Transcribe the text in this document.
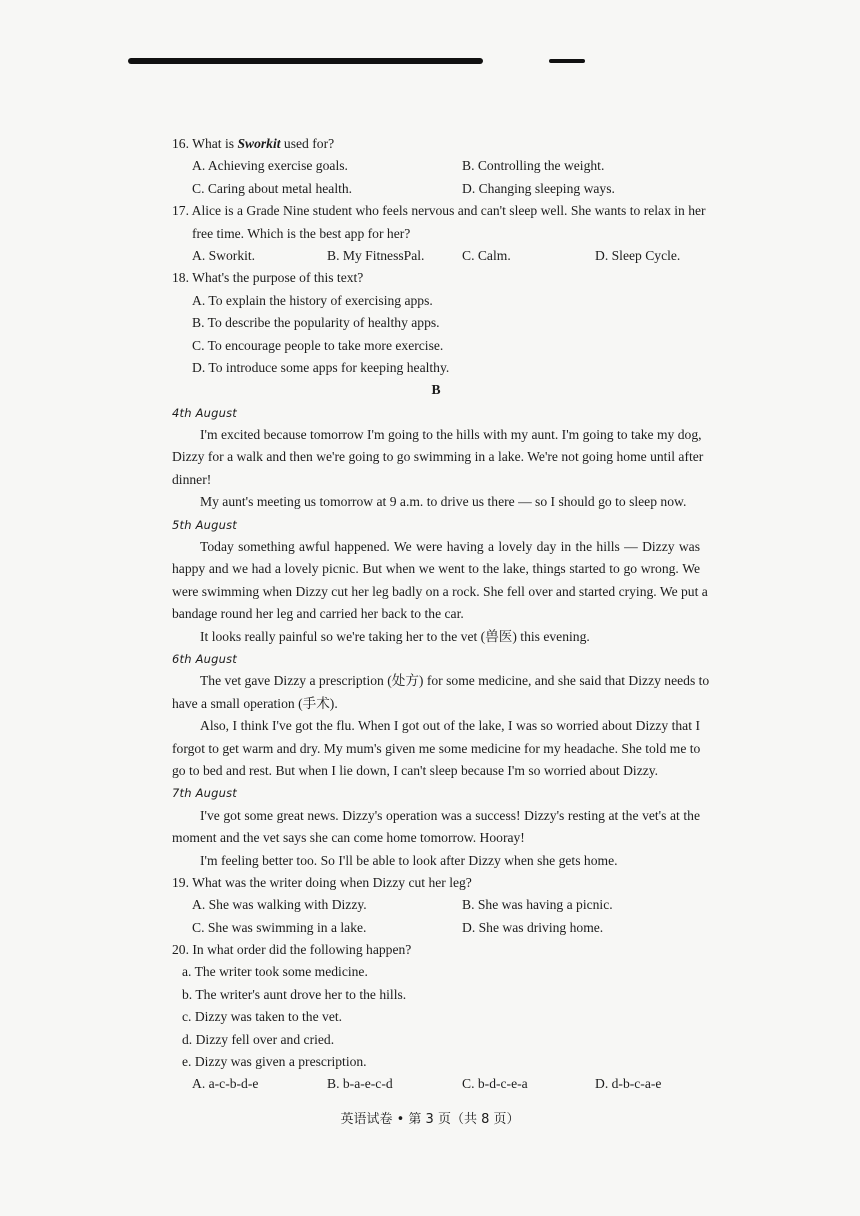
16. What is Sworkit used for?
A. Achieving exercise goals.	B. Controlling the weight.
C. Caring about metal health.	D. Changing sleeping ways.
17. Alice is a Grade Nine student who feels nervous and can't sleep well. She wants to relax in her
free time. Which is the best app for her?
A. Sworkit.	B. My FitnessPal.	C. Calm.	D. Sleep Cycle.
18. What's the purpose of this text?
A. To explain the history of exercising apps.
B. To describe the popularity of healthy apps.
C. To encourage people to take more exercise.
D. To introduce some apps for keeping healthy.
B
4th August
I'm excited because tomorrow I'm going to the hills with my aunt. I'm going to take my dog,
Dizzy for a walk and then we're going to go swimming in a lake. We're not going home until after
dinner!
My aunt's meeting us tomorrow at 9 a.m. to drive us there — so I should go to sleep now.
5th August
Today something awful happened. We were having a lovely day in the hills — Dizzy was
happy and we had a lovely picnic. But when we went to the lake, things started to go wrong. We
were swimming when Dizzy cut her leg badly on a rock. She fell over and started crying. We put a
bandage round her leg and carried her back to the car.
It looks really painful so we're taking her to the vet (兽医) this evening.
6th August
The vet gave Dizzy a prescription (处方) for some medicine, and she said that Dizzy needs to
have a small operation (手术).
Also, I think I've got the flu. When I got out of the lake, I was so worried about Dizzy that I
forgot to get warm and dry. My mum's given me some medicine for my headache. She told me to
go to bed and rest. But when I lie down, I can't sleep because I'm so worried about Dizzy.
7th August
I've got some great news. Dizzy's operation was a success! Dizzy's resting at the vet's at the
moment and the vet says she can come home tomorrow. Hooray!
I'm feeling better too. So I'll be able to look after Dizzy when she gets home.
19. What was the writer doing when Dizzy cut her leg?
A. She was walking with Dizzy.	B. She was having a picnic.
C. She was swimming in a lake.	D. She was driving home.
20. In what order did the following happen?
a. The writer took some medicine.
b. The writer's aunt drove her to the hills.
c. Dizzy was taken to the vet.
d. Dizzy fell over and cried.
e. Dizzy was given a prescription.
A. a-c-b-d-e	B. b-a-e-c-d	C. b-d-c-e-a	D. d-b-c-a-e
英语试卷 • 第 3 页（共 8 页）
